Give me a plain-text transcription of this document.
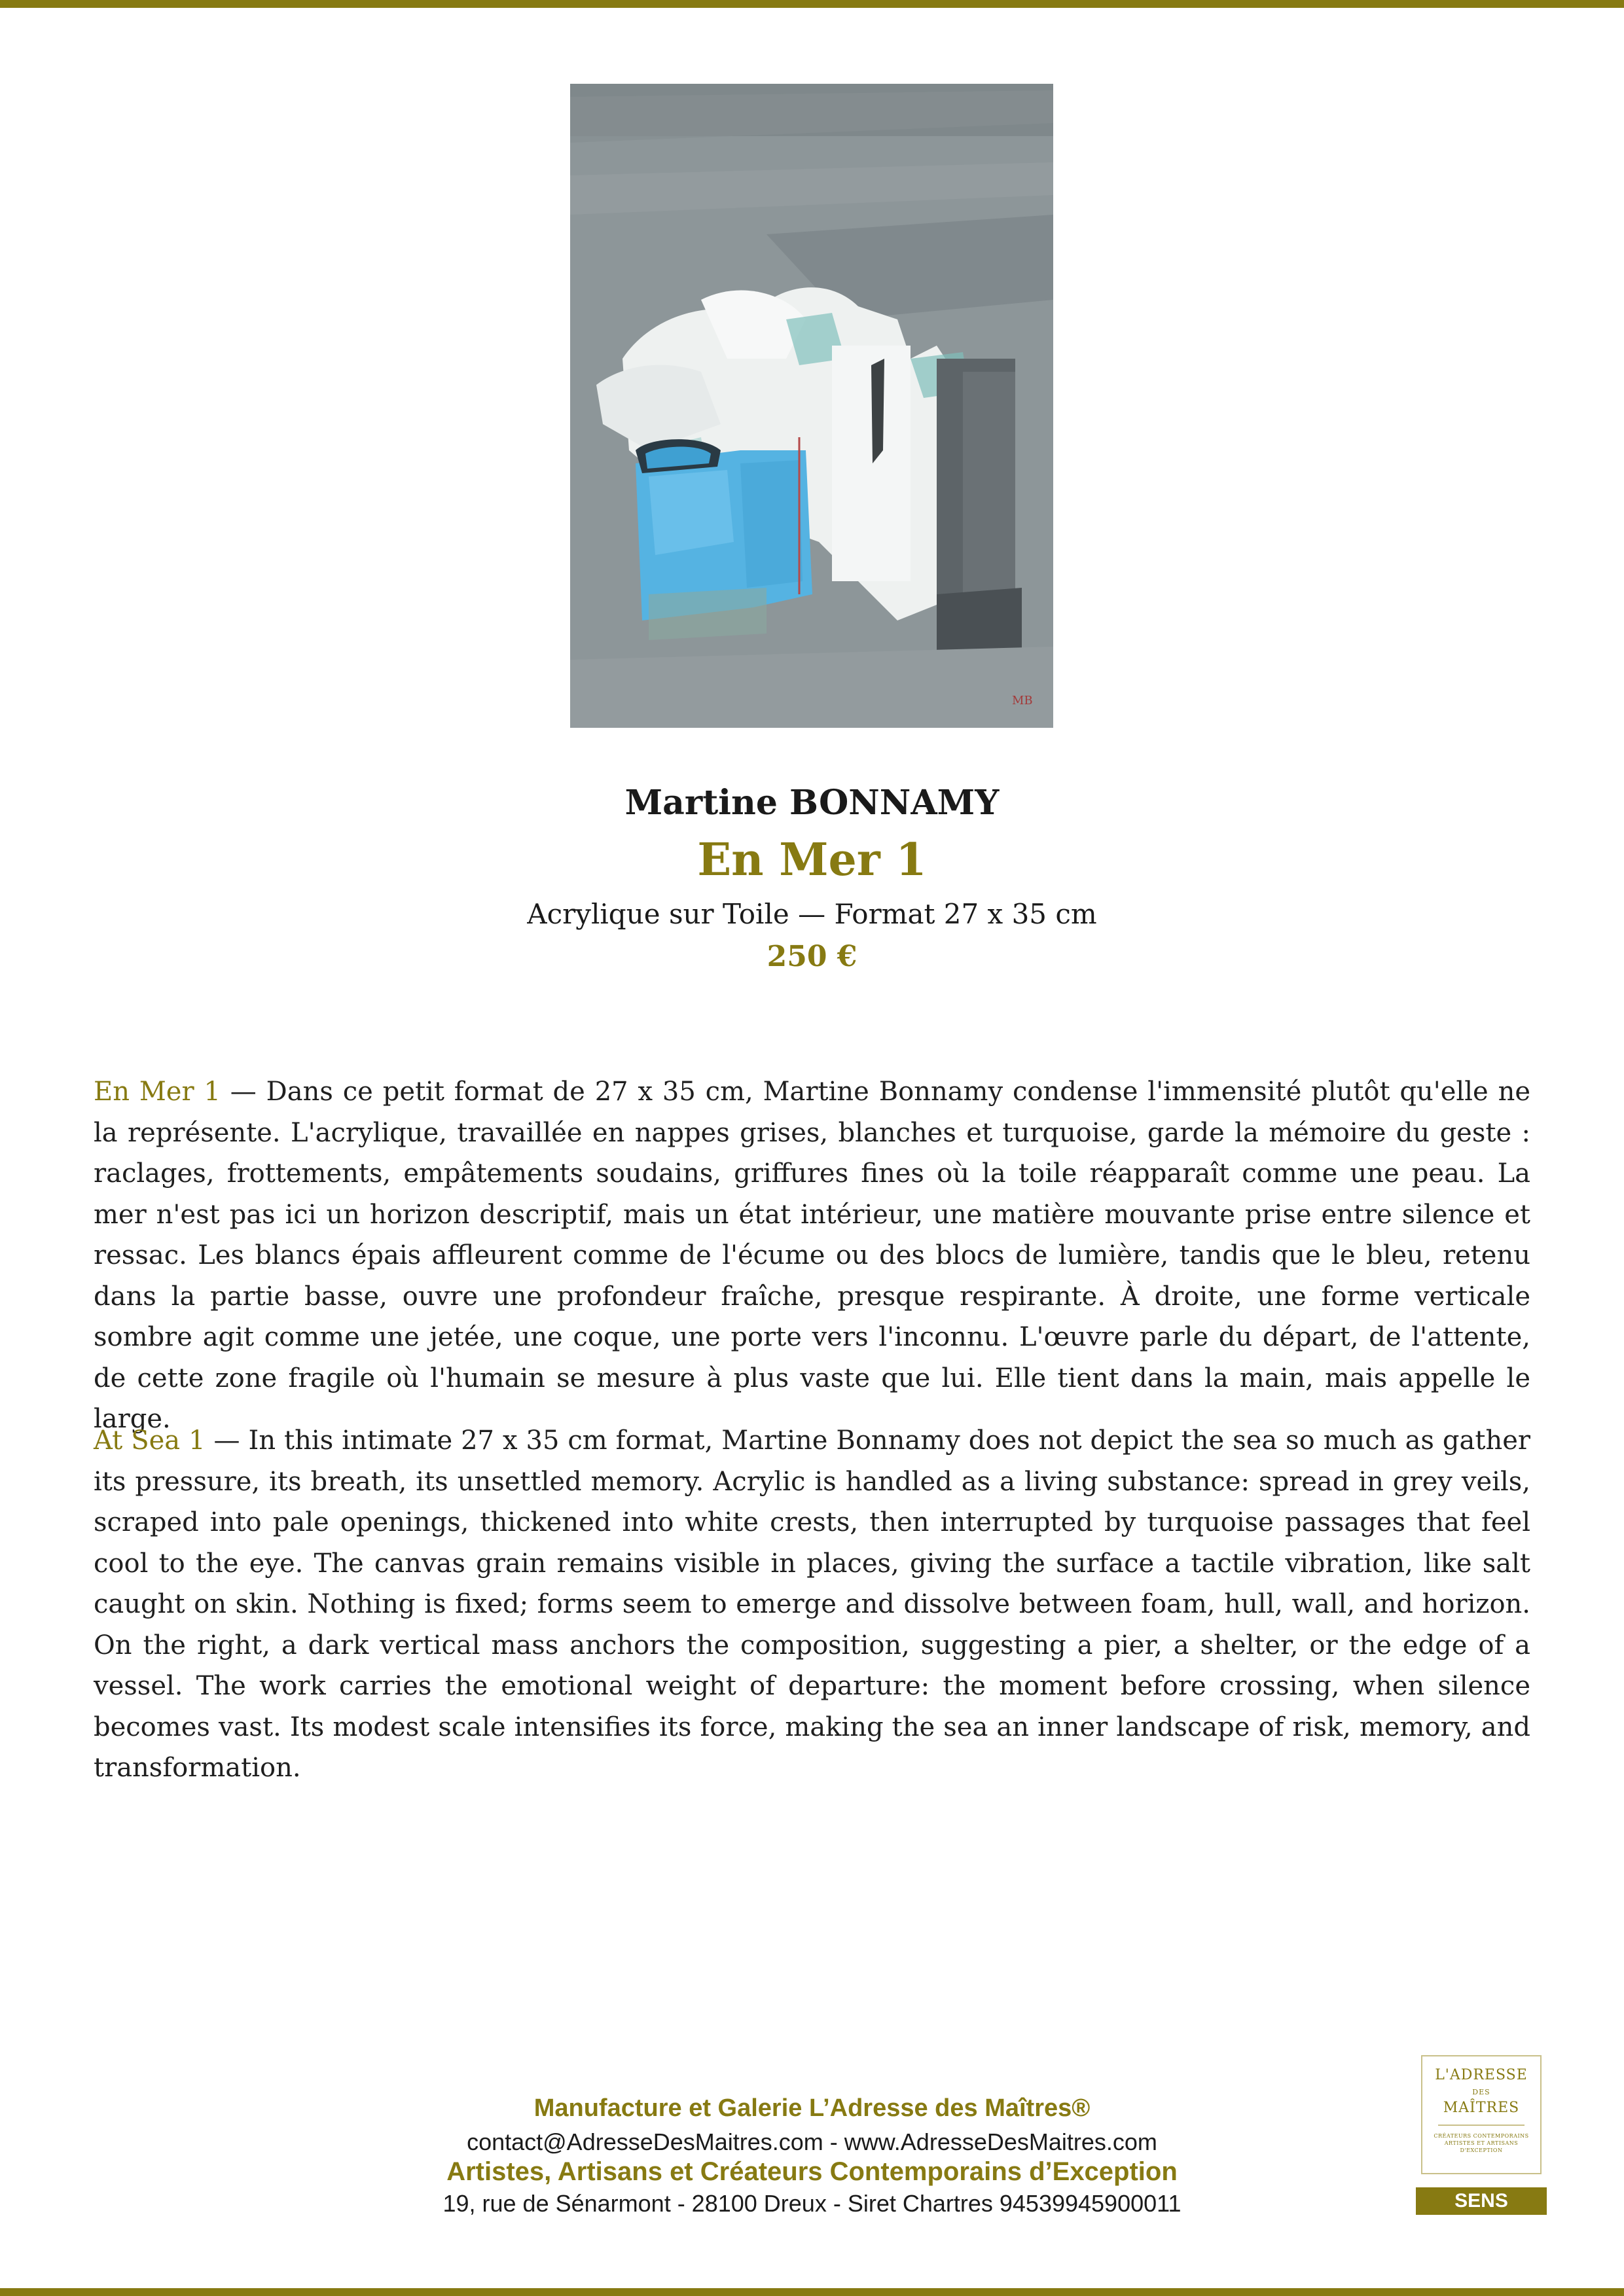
MB
Martine BONNAMY
En Mer 1
Acrylique sur Toile — Format 27 x 35 cm
250 €

En Mer 1 — Dans ce petit format de 27 x 35 cm, Martine Bonnamy condense l'immensité plutôt qu'elle ne la représente. L'acrylique, travaillée en nappes grises, blanches et turquoise, garde la mémoire du geste : raclages, frottements, empâtements soudains, griffures fines où la toile réapparaît comme une peau. La mer n'est pas ici un horizon descriptif, mais un état intérieur, une matière mouvante prise entre silence et ressac. Les blancs épais affleurent comme de l'écume ou des blocs de lumière, tandis que le bleu, retenu dans la partie basse, ouvre une profondeur fraîche, presque respirante. À droite, une forme verticale sombre agit comme une jetée, une coque, une porte vers l'inconnu. L'œuvre parle du départ, de l'attente, de cette zone fragile où l'humain se mesure à plus vaste que lui. Elle tient dans la main, mais appelle le large.

At Sea 1 — In this intimate 27 x 35 cm format, Martine Bonnamy does not depict the sea so much as gather its pressure, its breath, its unsettled memory. Acrylic is handled as a living substance: spread in grey veils, scraped into pale openings, thickened into white crests, then interrupted by turquoise passages that feel cool to the eye. The canvas grain remains visible in places, giving the surface a tactile vibration, like salt caught on skin. Nothing is fixed; forms seem to emerge and dissolve between foam, hull, wall, and horizon. On the right, a dark vertical mass anchors the composition, suggesting a pier, a shelter, or the edge of a vessel. The work carries the emotional weight of departure: the moment before crossing, when silence becomes vast. Its modest scale intensifies its force, making the sea an inner landscape of risk, memory, and transformation.

Manufacture et Galerie L’Adresse des Maîtres®
contact@AdresseDesMaitres.com - www.AdresseDesMaitres.com
Artistes, Artisans et Créateurs Contemporains d’Exception
19, rue de Sénarmont - 28100 Dreux - Siret Chartres 94539945900011
L'ADRESSE
DES
MAÎTRES
CRÉATEURS CONTEMPORAINS ARTISTES ET ARTISANS D'EXCEPTION
SENS
